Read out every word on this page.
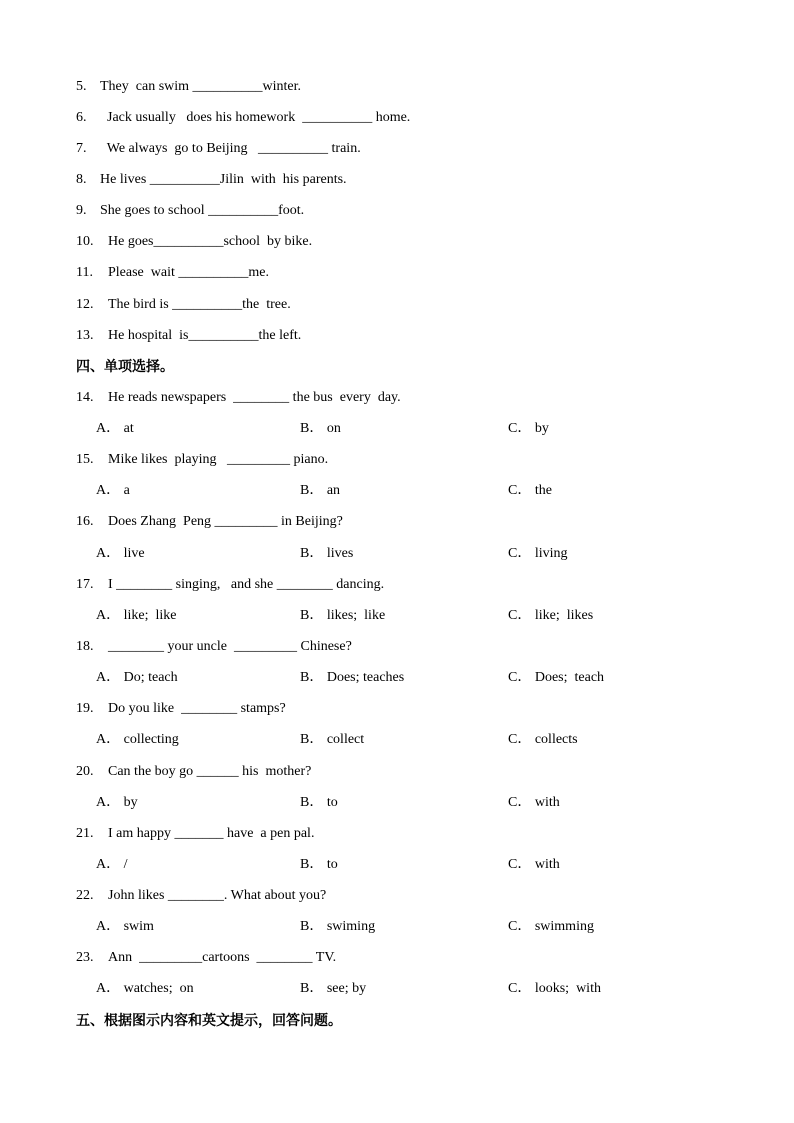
5. They  can swim __________winter.
6.  Jack usually   does his homework  __________ home.
7.  We always  go to Beijing   __________ train.
8. He lives __________Jilin  with  his parents.
9. She goes to school __________foot.
10. He goes__________school  by bike.
11. Please  wait __________me.
12. The bird is __________the  tree.
13. He hospital  is__________the left.
四、单项选择。
14. He reads newspapers  ________ the bus  every  day.
A． at	B． on	C． by
15. Mike likes  playing   _________ piano.
A． a	B． an	C． the
16. Does Zhang  Peng _________ in Beijing?
A． live	B． lives	C． living
17. I ________ singing,   and she ________ dancing.
A． like;  like	B． likes;  like	C． like;  likes
18. ________ your uncle  _________ Chinese?
A． Do; teach	B． Does; teaches	C． Does;  teach
19. Do you like  ________ stamps?
A． collecting	B． collect	C． collects
20. Can the boy go ______ his  mother?
A． by	B． to	C． with
21. I am happy _______ have  a pen pal.
A． /	B． to	C． with
22. John likes ________. What about you?
A． swim	B． swiming	C． swimming
23. Ann  _________cartoons  ________ TV.
A． watches;  on	B． see; by	C． looks;  with
五、根据图示内容和英文提示，回答问题。
